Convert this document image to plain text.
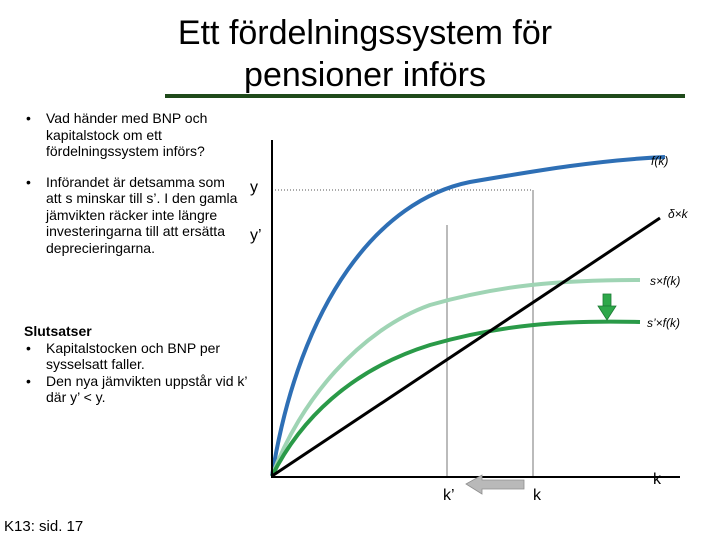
Ett fördelningssystem för
pensioner införs
• Vad händer med BNP och kapitalstock om ett fördelningssystem införs?
• Införandet är detsamma som att s minskar till s’. I den gamla jämvikten räcker inte längre investeringarna till att ersätta deprecieringarna.
Slutsatser
• Kapitalstocken och BNP per sysselsatt faller.
• Den nya jämvikten uppstår vid k’ där y’ < y.
K13: sid. 17
y
y’
k
k’	k
f(k)
δ×k
s×f(k)
s’×f(k)
